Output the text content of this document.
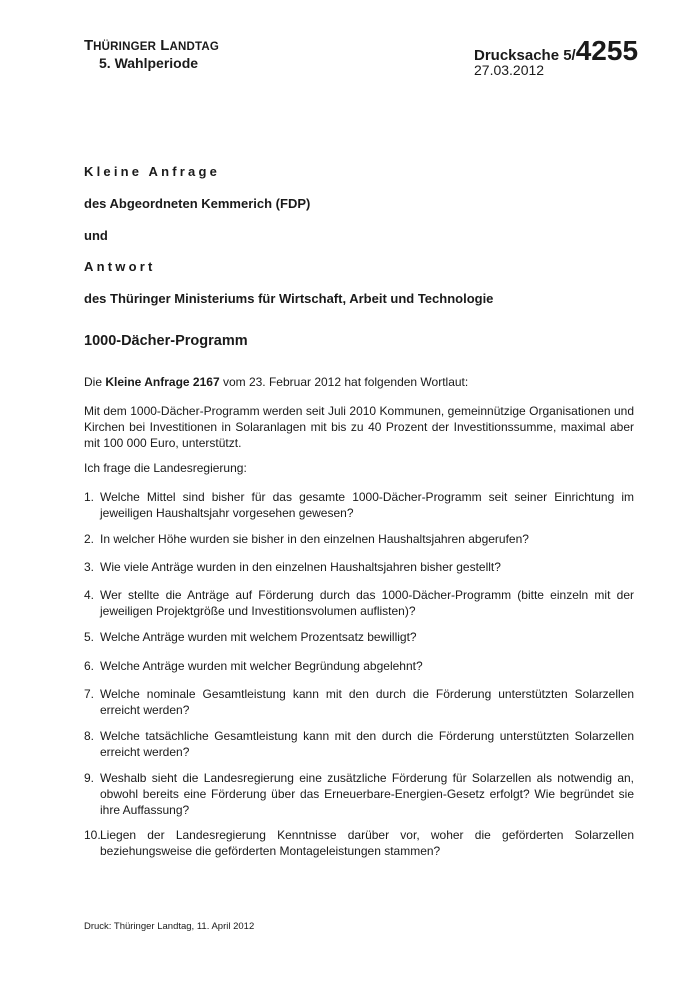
THÜRINGER LANDTAG
5. Wahlperiode	Drucksache 5/4255
27.03.2012
Kleine Anfrage
des Abgeordneten Kemmerich (FDP)
und
Antwort
des Thüringer Ministeriums für Wirtschaft, Arbeit und Technologie
1000-Dächer-Programm
Die Kleine Anfrage 2167 vom 23. Februar 2012 hat folgenden Wortlaut:
Mit dem 1000-Dächer-Programm werden seit Juli 2010 Kommunen, gemeinnützige Organisationen und Kirchen bei Investitionen in Solaranlagen mit bis zu 40 Prozent der Investitionssumme, maximal aber mit 100 000 Euro, unterstützt.
Ich frage die Landesregierung:
1. Welche Mittel sind bisher für das gesamte 1000-Dächer-Programm seit seiner Einrichtung im jeweiligen Haushaltsjahr vorgesehen gewesen?
2. In welcher Höhe wurden sie bisher in den einzelnen Haushaltsjahren abgerufen?
3. Wie viele Anträge wurden in den einzelnen Haushaltsjahren bisher gestellt?
4. Wer stellte die Anträge auf Förderung durch das 1000-Dächer-Programm (bitte einzeln mit der jeweiligen Projektgröße und Investitionsvolumen auflisten)?
5. Welche Anträge wurden mit welchem Prozentsatz bewilligt?
6. Welche Anträge wurden mit welcher Begründung abgelehnt?
7. Welche nominale Gesamtleistung kann mit den durch die Förderung unterstützten Solarzellen erreicht werden?
8. Welche tatsächliche Gesamtleistung kann mit den durch die Förderung unterstützten Solarzellen erreicht werden?
9. Weshalb sieht die Landesregierung eine zusätzliche Förderung für Solarzellen als notwendig an, obwohl bereits eine Förderung über das Erneuerbare-Energien-Gesetz erfolgt? Wie begründet sie ihre Auffassung?
10. Liegen der Landesregierung Kenntnisse darüber vor, woher die geförderten Solarzellen beziehungsweise die geförderten Montageleistungen stammen?
Druck: Thüringer Landtag, 11. April 2012
